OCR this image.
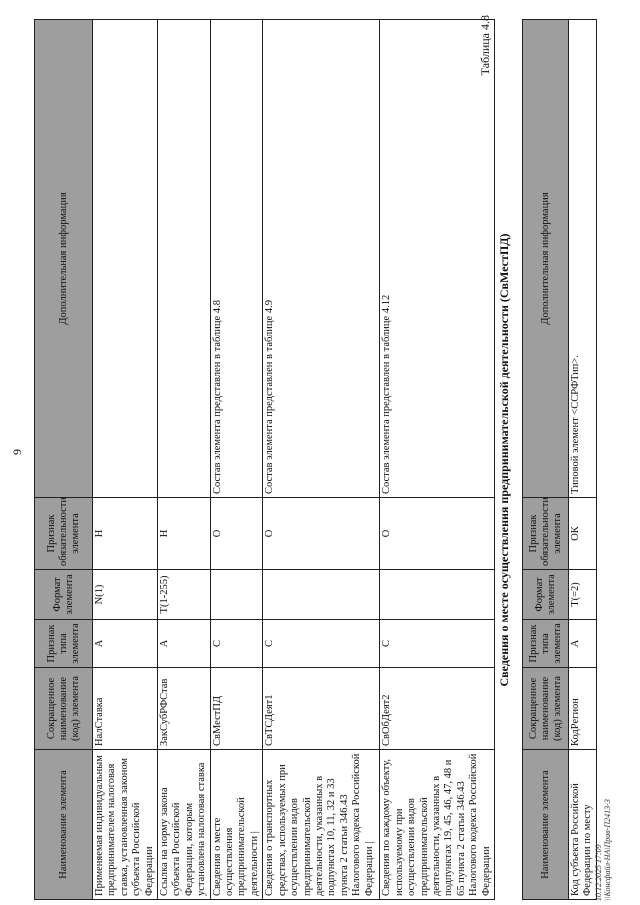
9
Наименование элемента	Сокращенное наименование (код) элемента	Признак типа элемента	Формат элемента	Признак обязательности элемента	Дополнительная информация
Применяемая индивидуальным предпринимателем налоговая ставка, установленная законом субъекта Российской Федерации	НалСтавка	А	N(1)	Н	
Ссылка на норму закона субъекта Российской Федерации, которым установлена налоговая ставка	ЗакСубРФСтав	А	T(1-255)	Н	
Сведения о месте осуществления предпринимательской деятельности |	СвМестПД	С		О	Состав элемента представлен в таблице 4.8
Сведения о транспортных средствах, используемых при осуществлении видов предпринимательской деятельности, указанных в подпунктах 10, 11, 32 и 33 пункта 2 статьи 346.43 Налогового кодекса Российской Федерации |	СвТСДеят1	С		О	Состав элемента представлен в таблице 4.9
Сведения по каждому объекту, используемому при осуществлении видов предпринимательской деятельности, указанных в подпунктах 19, 45, 46, 47, 48 и 65 пункта 2 статьи 346.43 Налогового кодекса Российской Федерации	СвОбДеят2	С		О	Состав элемента представлен в таблице 4.12
Таблица 4.8
Сведения о месте осуществления предпринимательской деятельности (СвМестПД)
Наименование элемента	Сокращенное наименование (код) элемента	Признак типа элемента	Формат элемента	Признак обязательности элемента	Дополнительная информация
Код субъекта Российской Федерации по месту	КодРегион	А	T(=2)	ОК	Типовой элемент <ССРФТип>.
10.12.2025 17:09 \\Консфайл-НА\Прав-П2413-3
